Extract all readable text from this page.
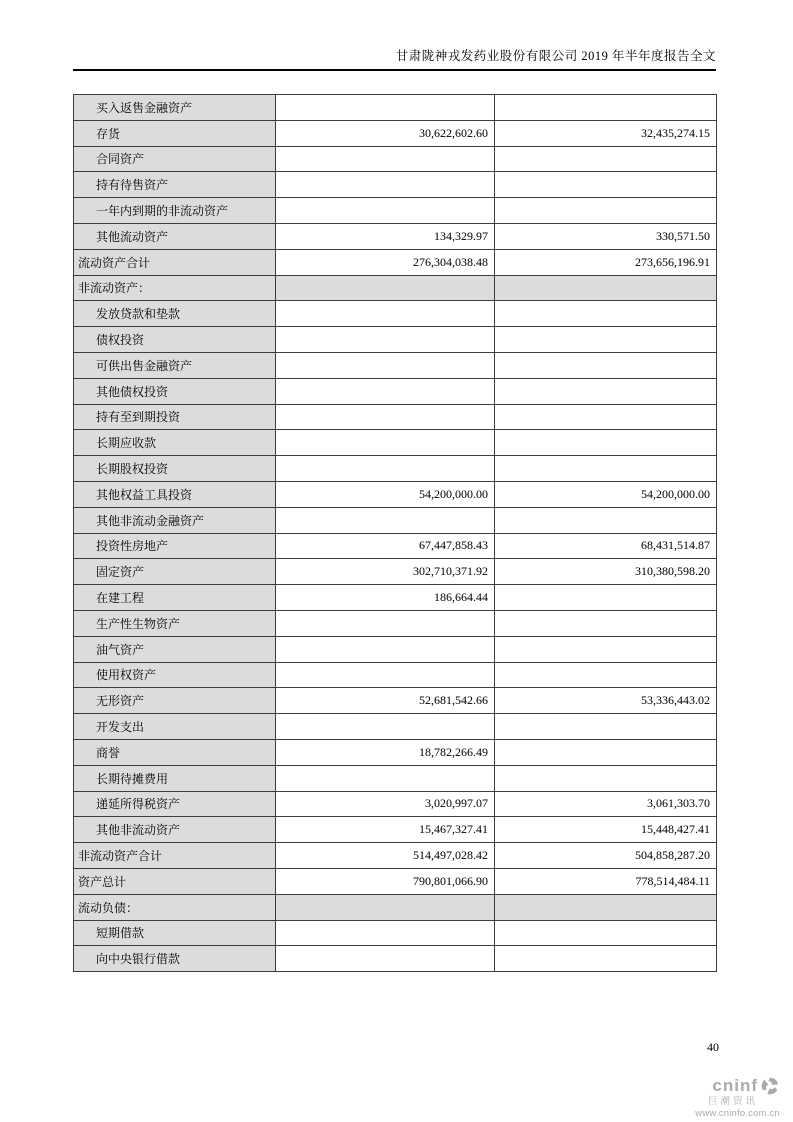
甘肃陇神戎发药业股份有限公司 2019 年半年度报告全文
买入返售金融资产		
存货	30,622,602.60	32,435,274.15
合同资产		
持有待售资产		
一年内到期的非流动资产		
其他流动资产	134,329.97	330,571.50
流动资产合计	276,304,038.48	273,656,196.91
非流动资产：		
发放贷款和垫款		
债权投资		
可供出售金融资产		
其他债权投资		
持有至到期投资		
长期应收款		
长期股权投资		
其他权益工具投资	54,200,000.00	54,200,000.00
其他非流动金融资产		
投资性房地产	67,447,858.43	68,431,514.87
固定资产	302,710,371.92	310,380,598.20
在建工程	186,664.44	
生产性生物资产		
油气资产		
使用权资产		
无形资产	52,681,542.66	53,336,443.02
开发支出		
商誉	18,782,266.49	
长期待摊费用		
递延所得税资产	3,020,997.07	3,061,303.70
其他非流动资产	15,467,327.41	15,448,427.41
非流动资产合计	514,497,028.42	504,858,287.20
资产总计	790,801,066.90	778,514,484.11
流动负债：		
短期借款		
向中央银行借款		
40
cninf
巨潮资讯
www.cninfo.com.cn
